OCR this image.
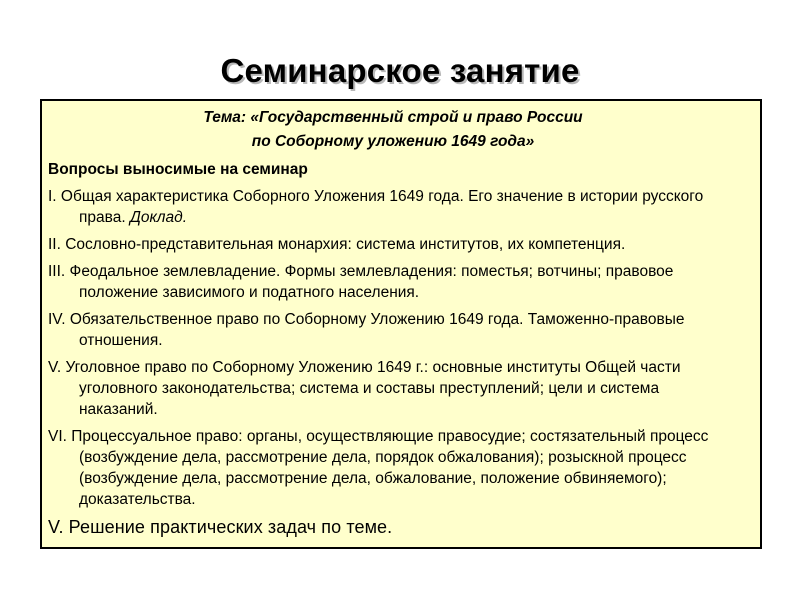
Семинарское занятие
Тема: «Государственный строй и право России
по Соборному уложению 1649 года»
Вопросы выносимые на семинар
I. Общая характеристика Соборного Уложения 1649 года. Его значение в истории русского права. Доклад.
II. Сословно-представительная монархия: система институтов, их компетенция.
III. Феодальное землевладение. Формы землевладения: поместья; вотчины; правовое положение зависимого и податного населения.
IV. Обязательственное право по Соборному Уложению 1649 года. Таможенно-правовые отношения.
V. Уголовное право по Соборному Уложению 1649 г.: основные институты Общей части уголовного законодательства; система и составы преступлений; цели и система наказаний.
VI. Процессуальное право: органы, осуществляющие правосудие; состязательный процесс (возбуждение дела, рассмотрение дела, порядок обжалования); розыскной процесс (возбуждение дела, рассмотрение дела, обжалование, положение обвиняемого); доказательства.
V. Решение практических задач по теме.
